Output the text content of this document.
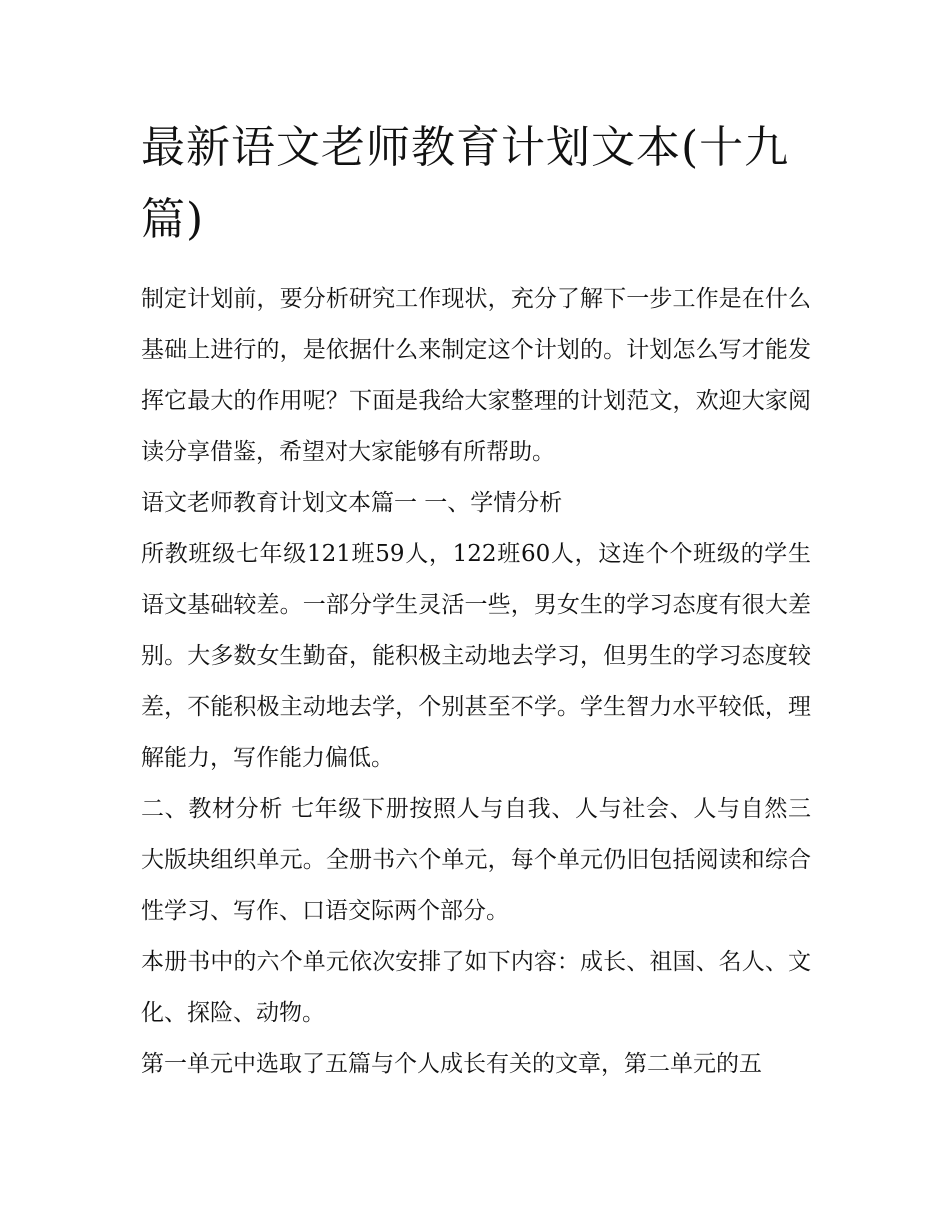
最新语文老师教育计划文本(十九篇)

制定计划前，要分析研究工作现状，充分了解下一步工作是在什么基础上进行的，是依据什么来制定这个计划的。计划怎么写才能发挥它最大的作用呢？下面是我给大家整理的计划范文，欢迎大家阅读分享借鉴，希望对大家能够有所帮助。

语文老师教育计划文本篇一 一、学情分析

所教班级七年级121班59人，122班60人，这连个个班级的学生语文基础较差。一部分学生灵活一些，男女生的学习态度有很大差别。大多数女生勤奋，能积极主动地去学习，但男生的学习态度较差，不能积极主动地去学，个别甚至不学。学生智力水平较低，理解能力，写作能力偏低。

二、教材分析 七年级下册按照人与自我、人与社会、人与自然三大版块组织单元。全册书六个单元，每个单元仍旧包括阅读和综合性学习、写作、口语交际两个部分。

本册书中的六个单元依次安排了如下内容：成长、祖国、名人、文化、探险、动物。

第一单元中选取了五篇与个人成长有关的文章，第二单元的五
